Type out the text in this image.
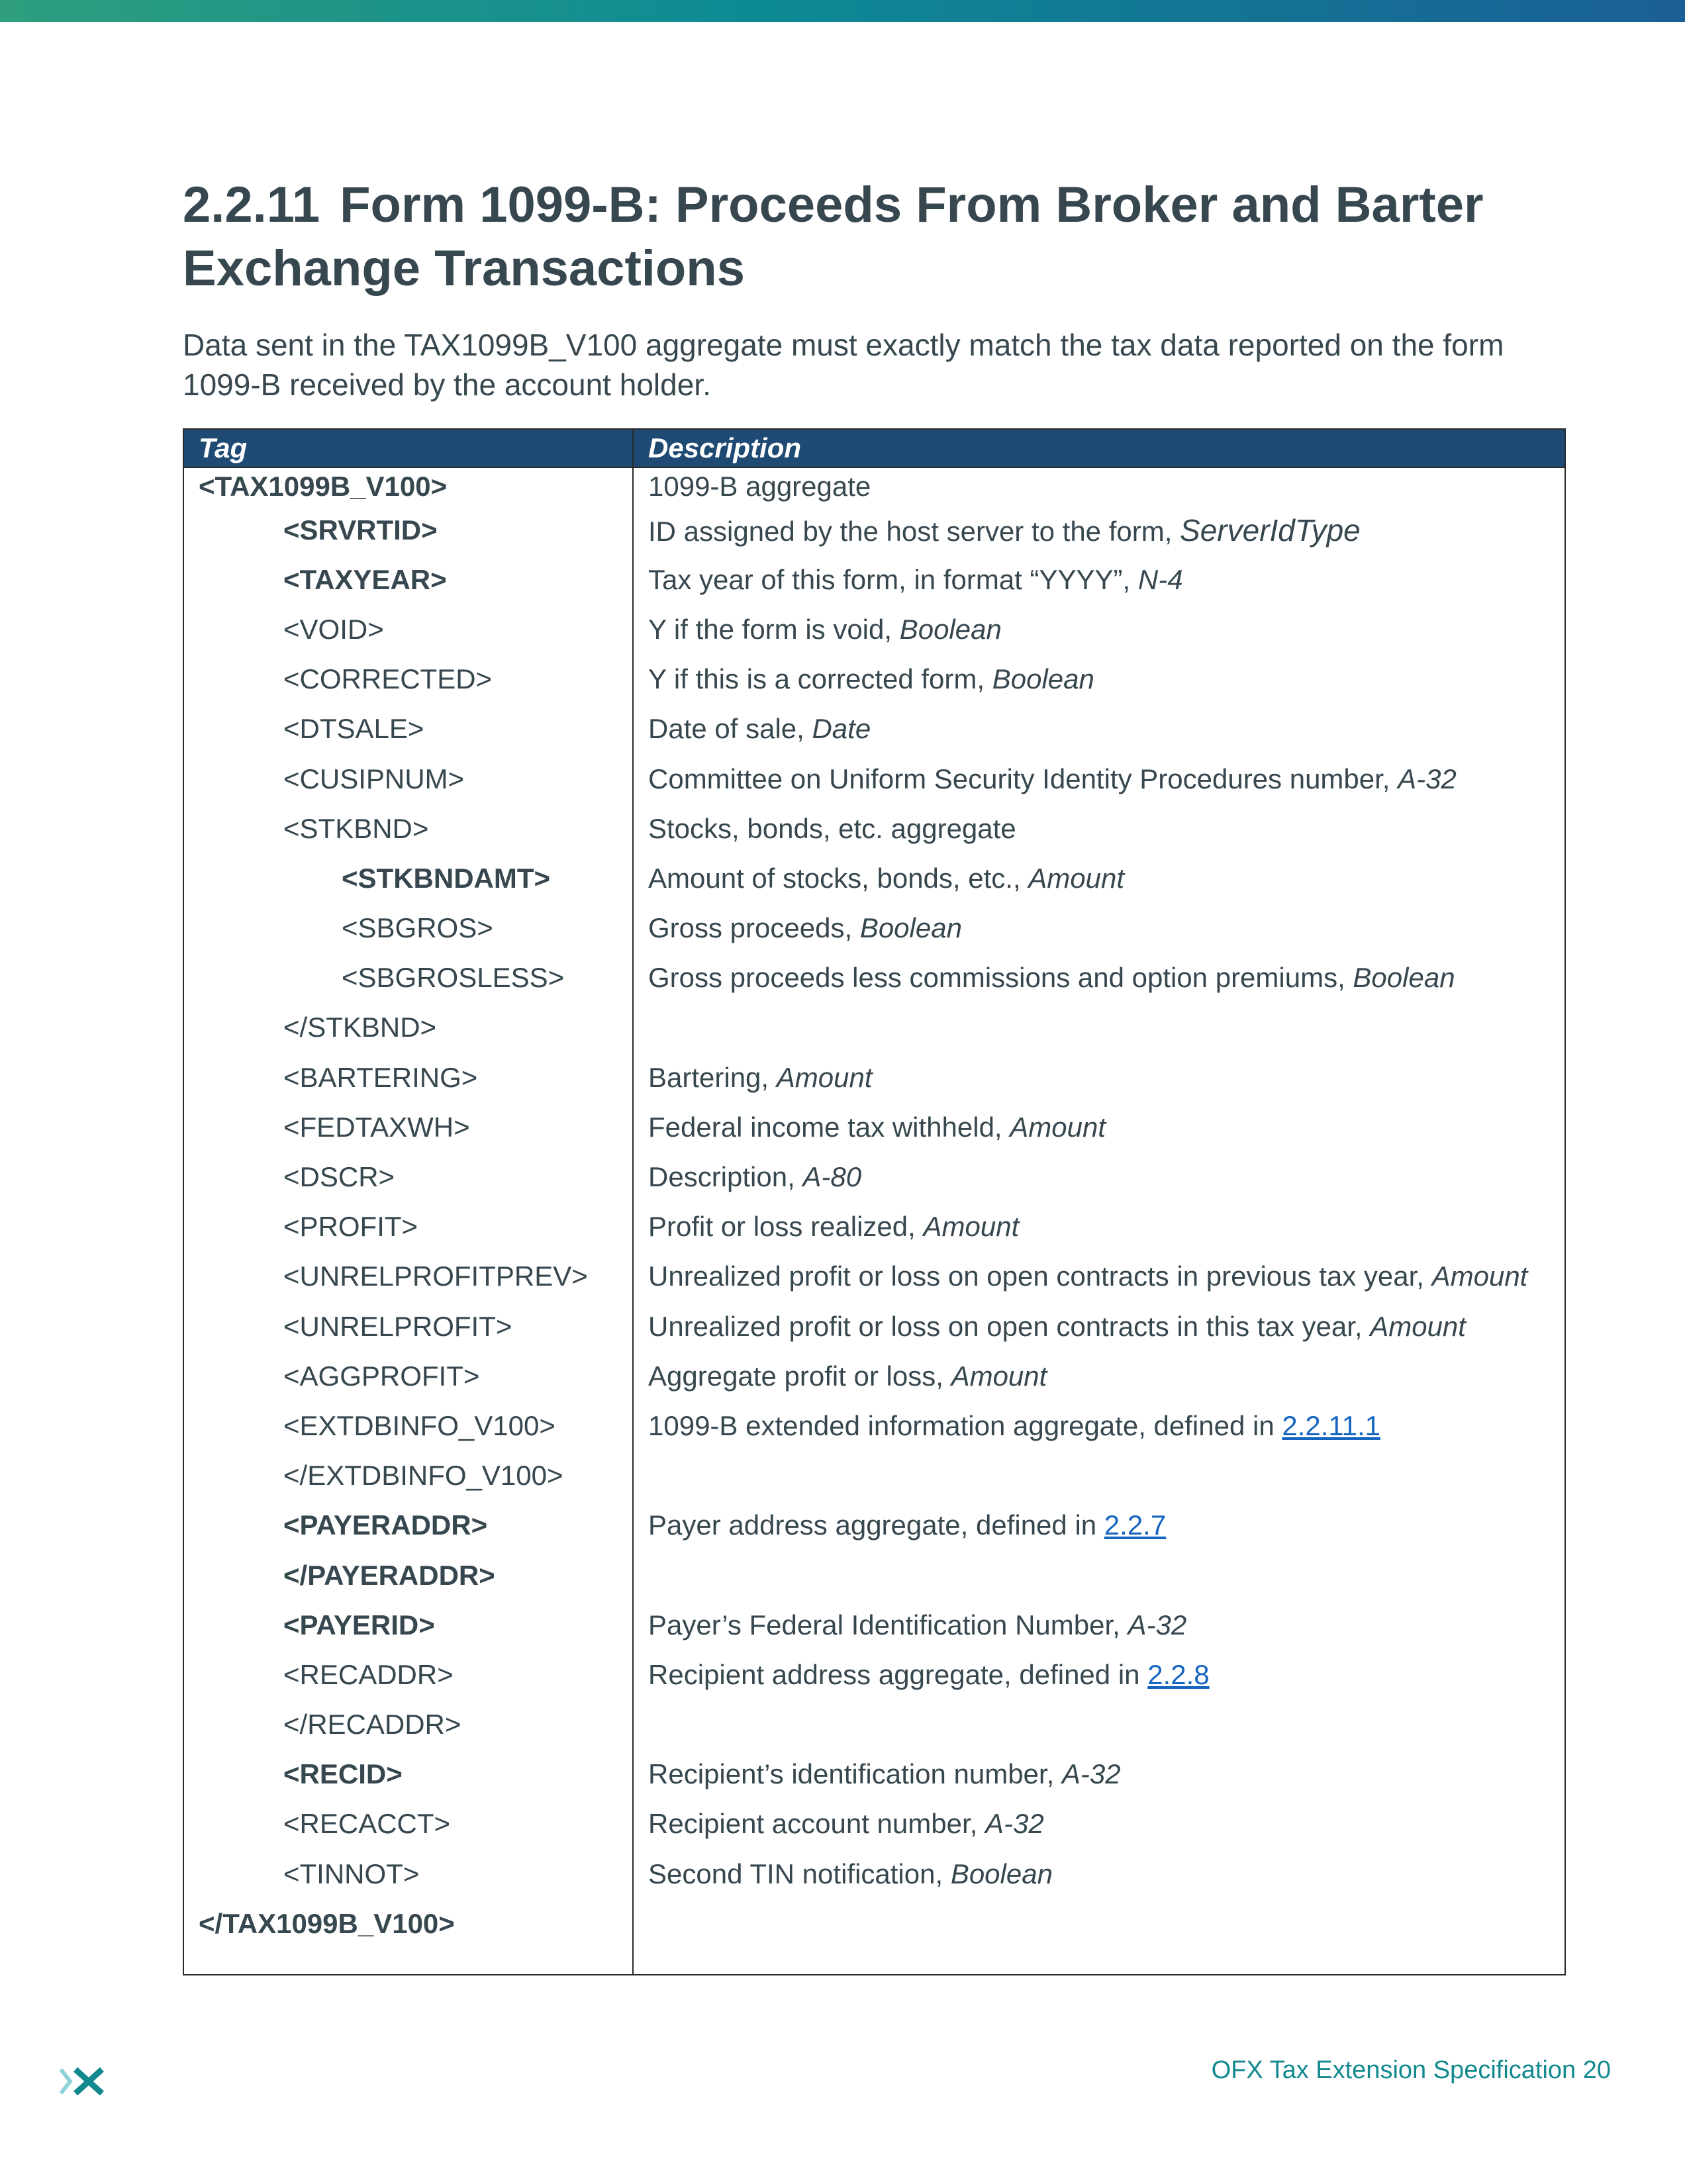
2.2.11 Form 1099-B: Proceeds From Broker and Barter Exchange Transactions

Data sent in the TAX1099B_V100 aggregate must exactly match the tax data reported on the form 1099-B received by the account holder.

Tag	Description
<TAX1099B_V100>	1099-B aggregate
<SRVRTID>	ID assigned by the host server to the form, ServerIdType
<TAXYEAR>	Tax year of this form, in format “YYYY”, N-4
<VOID>	Y if the form is void, Boolean
<CORRECTED>	Y if this is a corrected form, Boolean
<DTSALE>	Date of sale, Date
<CUSIPNUM>	Committee on Uniform Security Identity Procedures number, A-32
<STKBND>	Stocks, bonds, etc. aggregate
<STKBNDAMT>	Amount of stocks, bonds, etc., Amount
<SBGROS>	Gross proceeds, Boolean
<SBGROSLESS>	Gross proceeds less commissions and option premiums, Boolean
</STKBND>	
<BARTERING>	Bartering, Amount
<FEDTAXWH>	Federal income tax withheld, Amount
<DSCR>	Description, A-80
<PROFIT>	Profit or loss realized, Amount
<UNRELPROFITPREV>	Unrealized profit or loss on open contracts in previous tax year, Amount
<UNRELPROFIT>	Unrealized profit or loss on open contracts in this tax year, Amount
<AGGPROFIT>	Aggregate profit or loss, Amount
<EXTDBINFO_V100>	1099-B extended information aggregate, defined in 2.2.11.1
</EXTDBINFO_V100>	
<PAYERADDR>	Payer address aggregate, defined in 2.2.7
</PAYERADDR>	
<PAYERID>	Payer’s Federal Identification Number, A-32
<RECADDR>	Recipient address aggregate, defined in 2.2.8
</RECADDR>	
<RECID>	Recipient’s identification number, A-32
<RECACCT>	Recipient account number, A-32
<TINNOT>	Second TIN notification, Boolean
</TAX1099B_V100>	
OFX Tax Extension Specification 20
